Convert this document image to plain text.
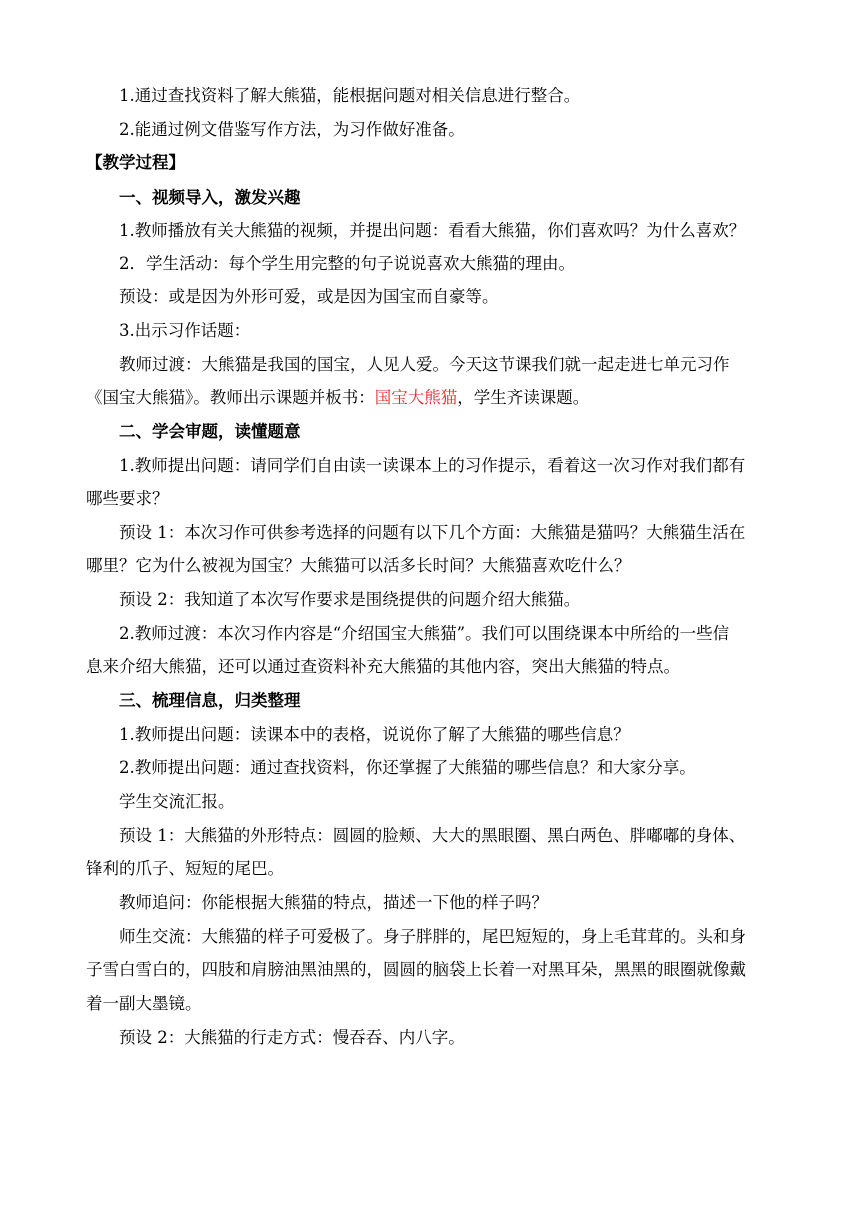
1.通过查找资料了解大熊猫，能根据问题对相关信息进行整合。
2.能通过例文借鉴写作方法，为习作做好准备。
【教学过程】
一、视频导入，激发兴趣
1.教师播放有关大熊猫的视频，并提出问题：看看大熊猫，你们喜欢吗？为什么喜欢？
2．学生活动：每个学生用完整的句子说说喜欢大熊猫的理由。
预设：或是因为外形可爱，或是因为国宝而自豪等。
3.出示习作话题：
教师过渡：大熊猫是我国的国宝，人见人爱。今天这节课我们就一起走进七单元习作
《国宝大熊猫》。教师出示课题并板书：国宝大熊猫，学生齐读课题。
二、学会审题，读懂题意
1.教师提出问题：请同学们自由读一读课本上的习作提示，看着这一次习作对我们都有
哪些要求？
预设 1：本次习作可供参考选择的问题有以下几个方面：大熊猫是猫吗？大熊猫生活在
哪里？它为什么被视为国宝？大熊猫可以活多长时间？大熊猫喜欢吃什么？
预设 2：我知道了本次写作要求是围绕提供的问题介绍大熊猫。
2.教师过渡：本次习作内容是“介绍国宝大熊猫”。我们可以围绕课本中所给的一些信
息来介绍大熊猫，还可以通过查资料补充大熊猫的其他内容，突出大熊猫的特点。
三、梳理信息，归类整理
1.教师提出问题：读课本中的表格，说说你了解了大熊猫的哪些信息？
2.教师提出问题：通过查找资料，你还掌握了大熊猫的哪些信息？和大家分享。
学生交流汇报。
预设 1：大熊猫的外形特点：圆圆的脸颊、大大的黑眼圈、黑白两色、胖嘟嘟的身体、
锋利的爪子、短短的尾巴。
教师追问：你能根据大熊猫的特点，描述一下他的样子吗？
师生交流：大熊猫的样子可爱极了。身子胖胖的，尾巴短短的，身上毛茸茸的。头和身
子雪白雪白的，四肢和肩膀油黑油黑的，圆圆的脑袋上长着一对黑耳朵，黑黑的眼圈就像戴
着一副大墨镜。
预设 2：大熊猫的行走方式：慢吞吞、内八字。
